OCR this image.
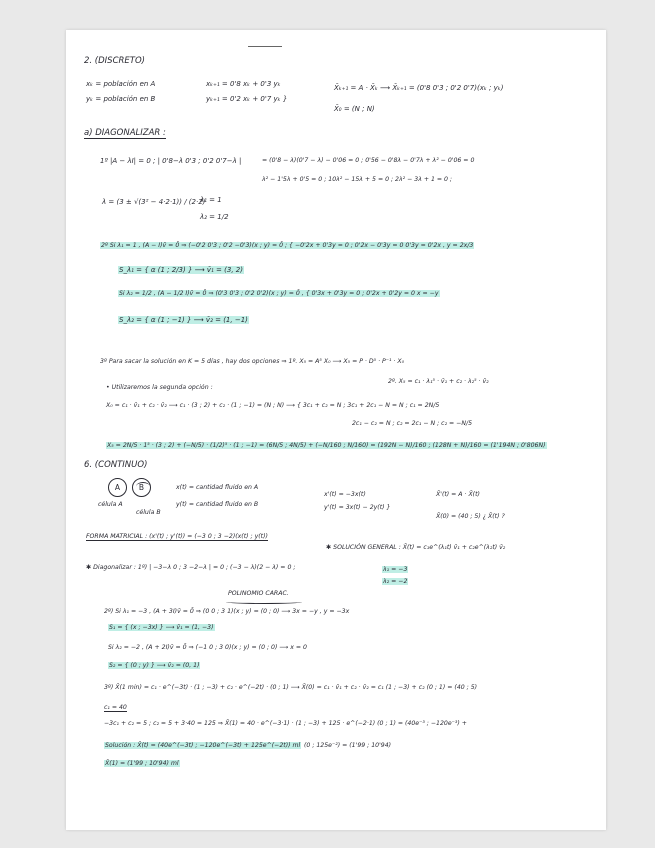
2. (DISCRETO)
xₖ = población en A
yₖ = población en B
xₖ₊₁ = 0'8 xₖ + 0'3 yₖ
yₖ₊₁ = 0'2 xₖ + 0'7 yₖ }
X̄ₖ₊₁ = A · X̄ₖ ⟶ X̄ₖ₊₁ = (0'8 0'3 ; 0'2 0'7)(xₖ ; yₖ)
X̄₀ = (N ; N)
a) DIAGONALIZAR :
1º |A − λI| = 0 ; | 0'8−λ 0'3 ; 0'2 0'7−λ |	= (0'8 − λ)(0'7 − λ) − 0'06 = 0 ; 0'56 − 0'8λ − 0'7λ + λ² − 0'06 = 0
λ² − 1'5λ + 0'5 = 0 ; 10λ² − 15λ + 5 = 0 ; 2λ² − 3λ + 1 = 0 ;
λ = (3 ± √(3² − 4·2·1)) / (2·2)
λ₁ = 1
λ₂ = 1/2
2º Si λ₁ = 1 , (A − I)v̄ = 0̄ ⇒ (−0'2 0'3 ; 0'2 −0'3)(x ; y) = 0̄ ; { −0'2x + 0'3y = 0 ; 0'2x − 0'3y = 0 0'3y = 0'2x , y = 2x/3
S_λ₁ = { α (1 ; 2/3) } ⟶ v̄₁ = (3, 2)
Si λ₂ = 1/2 , (A − 1/2 I)v̄ = 0̄ ⇒ (0'3 0'3 ; 0'2 0'2)(x ; y) = 0̄ , { 0'3x + 0'3y = 0 ; 0'2x + 0'2y = 0 x = −y
S_λ₂ = { α (1 ; −1) } ⟶ v̄₂ = (1, −1)
3º Para sacar la solución en K = 5 días , hay dos opciones ⇒ 1º. X₅ = A⁵ X₀ ⟶ X₅ = P · D⁵ · P⁻¹ · X₀
2º. X₅ = c₁ · λ₁⁵ · v̄₁ + c₂ · λ₂⁵ · v̄₂
• Utilizaremos la segunda opción :
X₀ = c₁ · v̄₁ + c₂ · v̄₂ ⟶ c₁ · (3 ; 2) + c₂ · (1 ; −1) = (N ; N) ⟶ { 3c₁ + c₂ = N ; 3c₁ + 2c₁ − N = N ; c₁ = 2N/5
2c₁ − c₂ = N ; c₂ = 2c₁ − N ; c₂ = −N/5
X₅ = 2N/5 · 1⁵ · (3 ; 2) + (−N/5) · (1/2)⁵ · (1 ; −1) = (6N/5 ; 4N/5) + (−N/160 ; N/160) = (192N − N)/160 ; (128N + N)/160 = (1'194N ; 0'806N)
6. (CONTINUO)
A	B
célula A
célula B
x(t) = cantidad fluido en A
y(t) = cantidad fluido en B
x'(t) = −3x(t)
y'(t) = 3x(t) − 2y(t) }
X̄'(t) = A · X̄(t)
X̄(0) = (40 ; 5) ¿ X̄(t) ?
FORMA MATRICIAL : (x'(t) ; y'(t)) = (−3 0 ; 3 −2)(x(t) ; y(t))
✱ SOLUCIÓN GENERAL : X̄(t) = c₁e^(λ₁t) v̄₁ + c₂e^(λ₂t) v̄₂
✱ Diagonalizar : 1º) | −3−λ 0 ; 3 −2−λ | = 0 ; (−3 − λ)(2 − λ) = 0 ;
POLINOMIO CARAC.
λ₁ = −3
λ₂ = −2
2º) Si λ₁ = −3 , (A + 3I)v̄ = 0̄ ⇒ (0 0 ; 3 1)(x ; y) = (0 ; 0) ⟶ 3x = −y , y = −3x
S₁ = { (x ; −3x) } ⟶ v̄₁ = (1, −3)
Si λ₂ = −2 , (A + 2I)v̄ = 0̄ ⇒ (−1 0 ; 3 0)(x ; y) = (0 ; 0) ⟶ x = 0
S₂ = { (0 ; y) } ⟶ v̄₂ = (0, 1)
3º) X̄(1 min) = c₁ · e^(−3t) · (1 ; −3) + c₂ · e^(−2t) · (0 ; 1) ⟶ X̄(0) = c₁ · v̄₁ + c₂ · v̄₂ = c₁ (1 ; −3) + c₂ (0 ; 1) = (40 ; 5)
c₁ = 40
−3c₁ + c₂ = 5 ; c₂ = 5 + 3·40 = 125 ⇒ X̄(1) = 40 · e^(−3·1) · (1 ; −3) + 125 · e^(−2·1) (0 ; 1) = (40e⁻³ ; −120e⁻³) +
Solución : X̄(t) = (40e^(−3t) ; −120e^(−3t) + 125e^(−2t)) ml (0 ; 125e⁻²) = (1'99 ; 10'94)
X̄(1) = (1'99 ; 10'94) ml
